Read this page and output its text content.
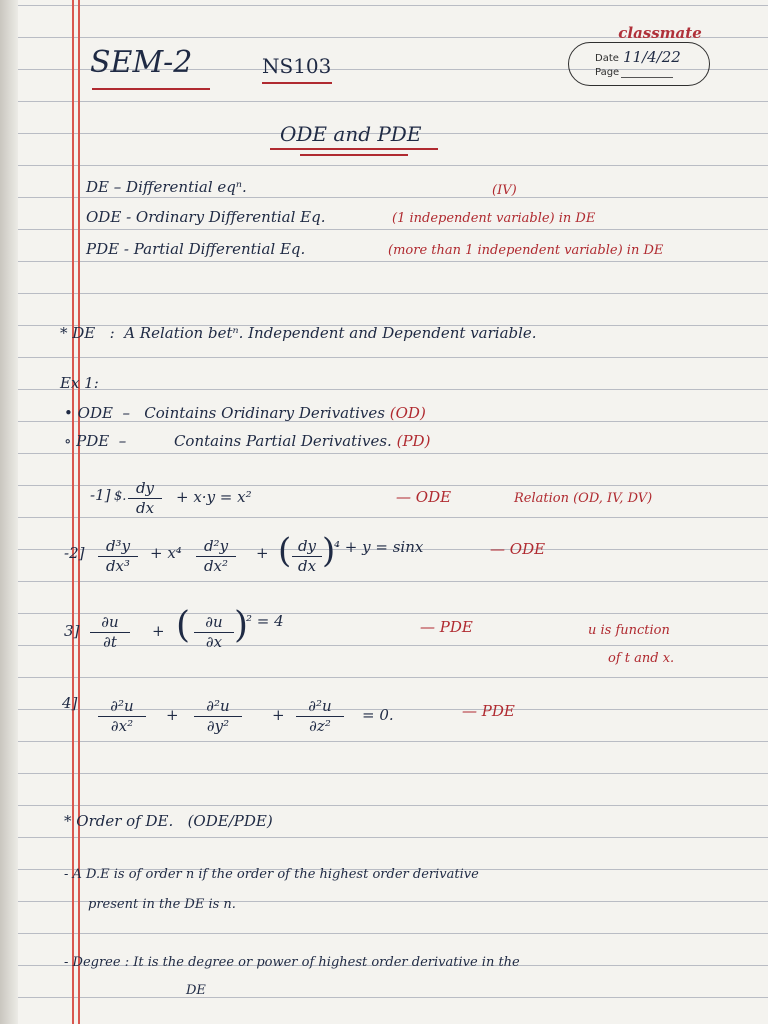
classmate
Date 11/4/22
Page
SEM-2	NS103
ODE and PDE
DE – Differential eqⁿ.	(IV)
ODE - Ordinary Differential Eq.	(1 independent variable) in DE
PDE - Partial Differential Eq.	(more than 1 independent variable) in DE
* DE : A Relation betⁿ. Independent and Dependent variable.
Ex 1:
• ODE – Cointains Oridinary Derivatives (OD)
∘ PDE –	Contains Partial Derivatives. (PD)
-1] $. dy
dx
+ x·y = x²	— ODE	Relation (OD, IV, DV)
-2]	d³y
dx³
+ x⁴	d²y
dx²
+ ( dy
dx )
⁴ + y = sinx	— ODE
3]	∂u
∂t
+ (	∂u
∂x )
² = 4	— PDE	u is function
of t and x.
4]	∂²u
∂x²
+	∂²u
∂y²
+	∂²u
∂z²
= 0.	— PDE
* Order of DE. (ODE/PDE)
- A D.E is of order n if the order of the highest order derivative
present in the DE is n.
- Degree : It is the degree or power of highest order derivative in the
DE
